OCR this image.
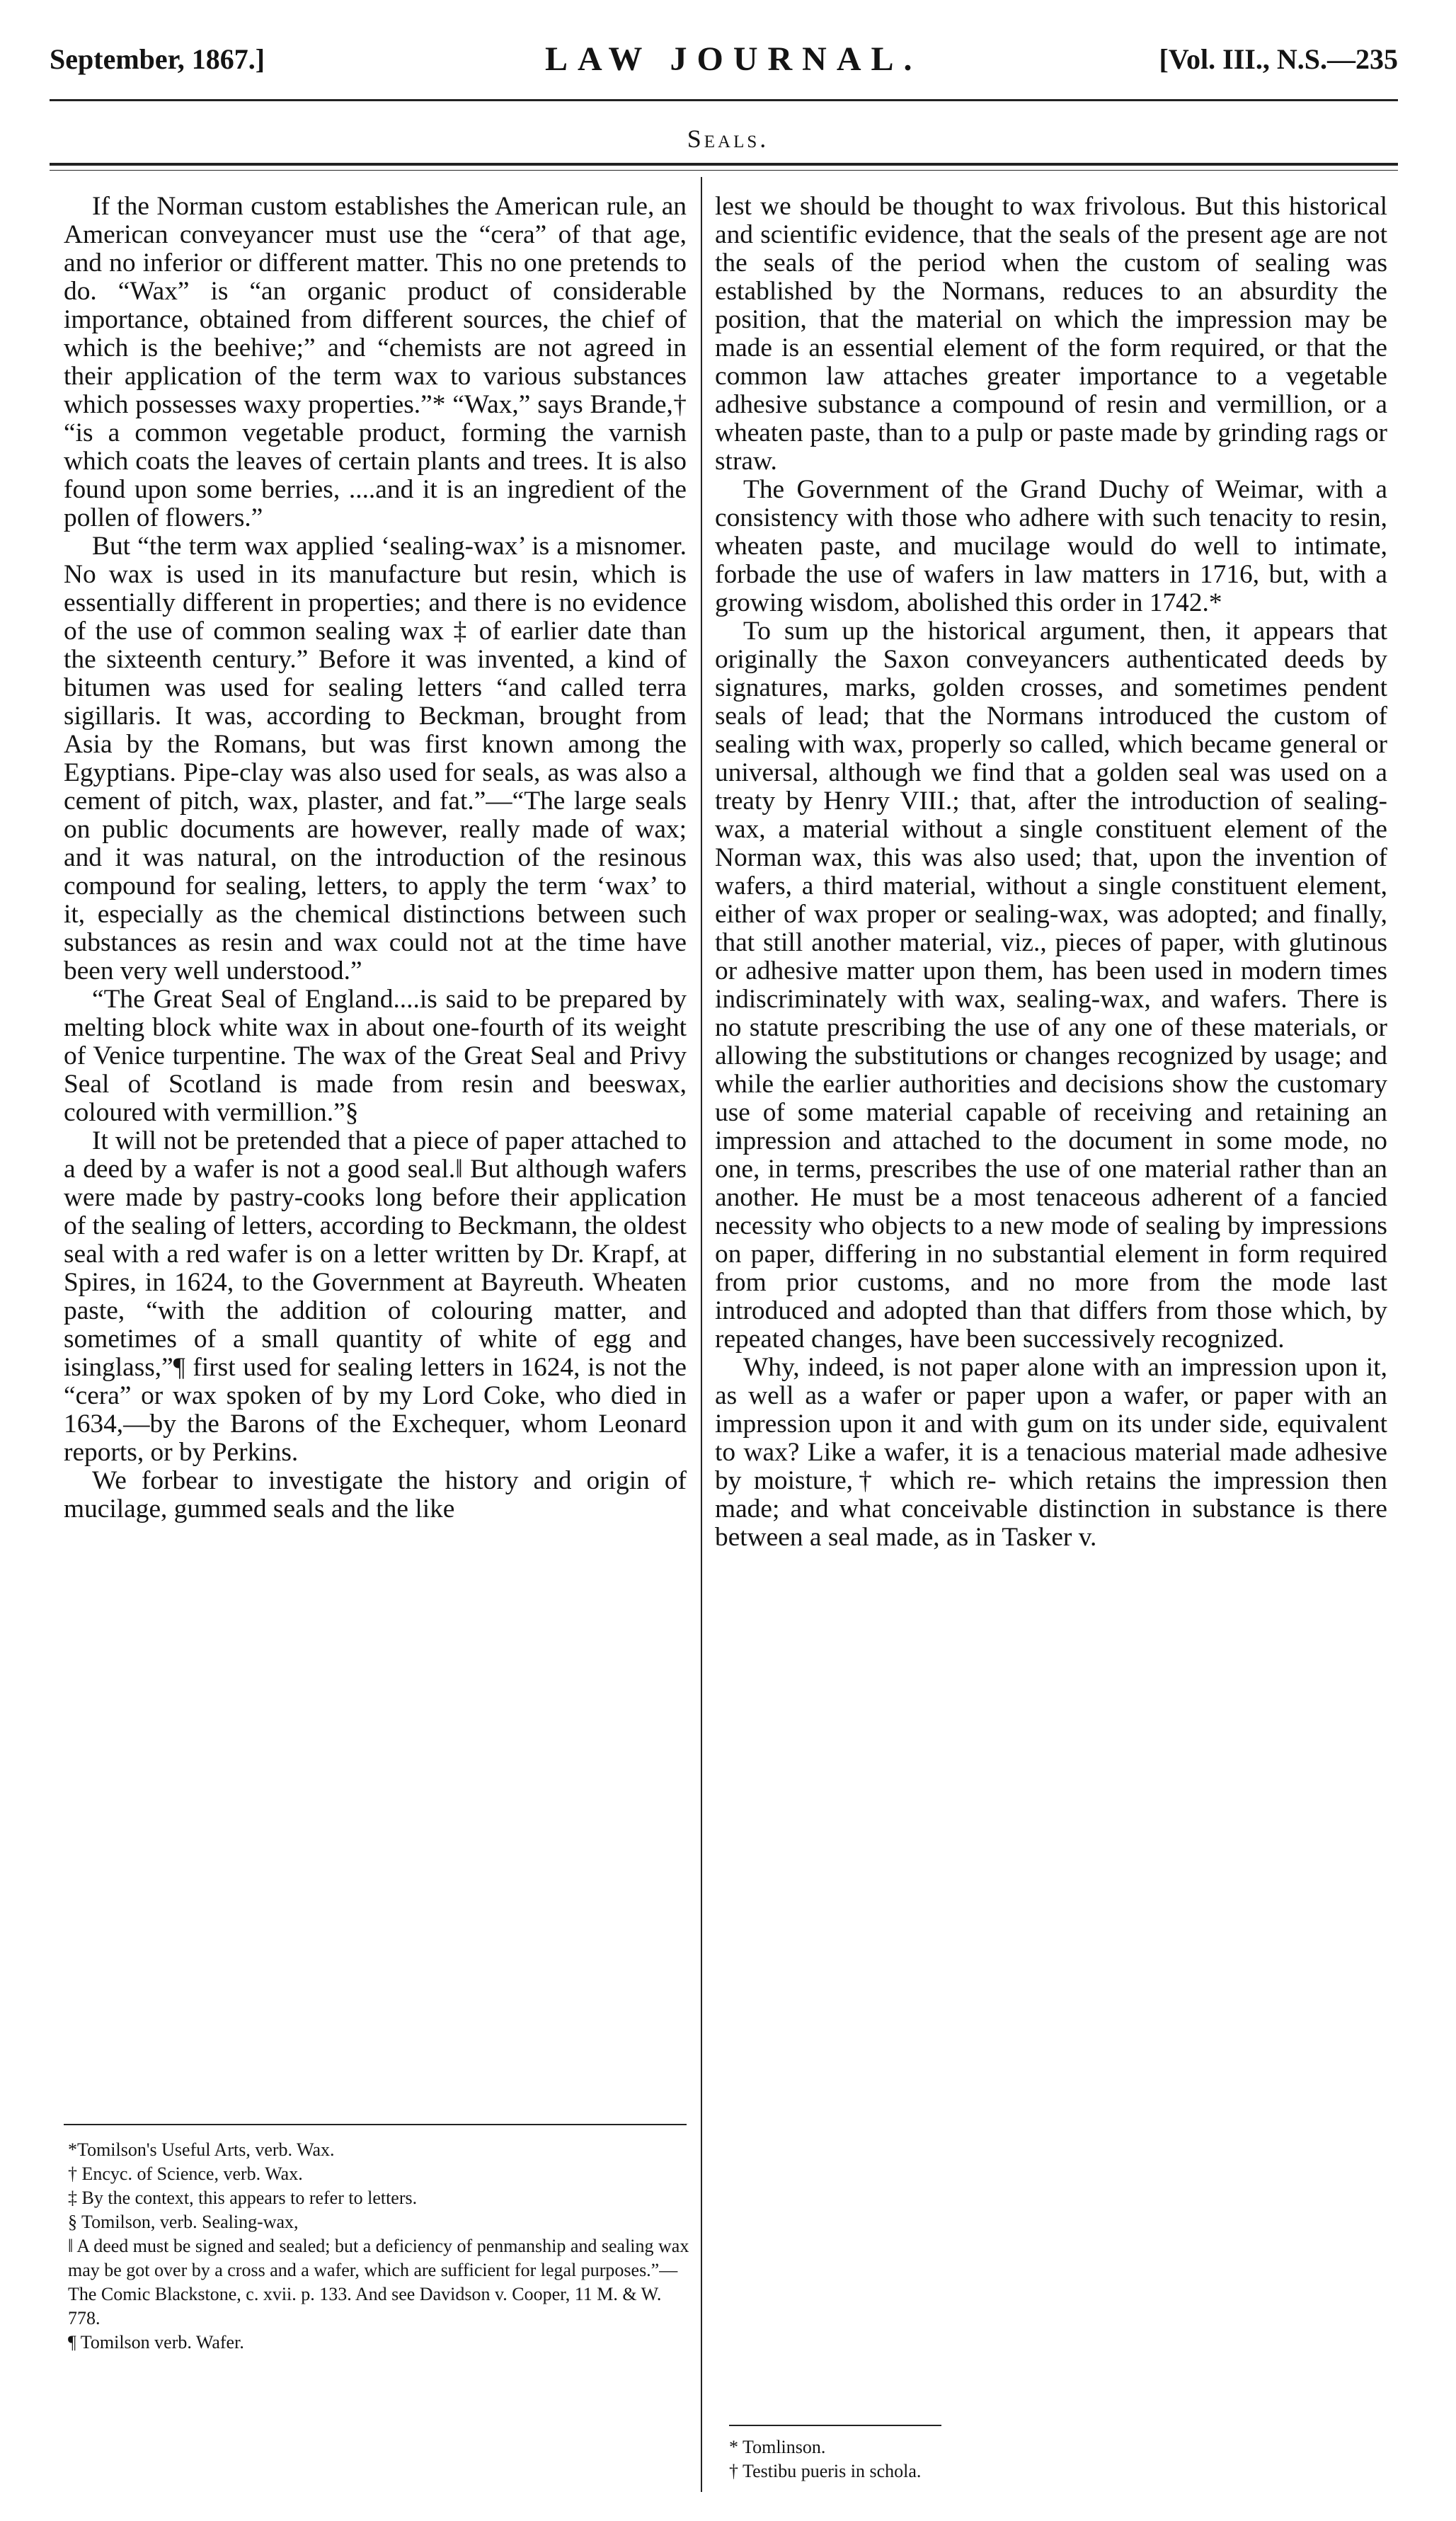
September, 1867.]	LAW JOURNAL.	[Vol. III., N.S.—235
Seals.

If the Norman custom establishes the American rule, an American conveyancer must use the “cera” of that age, and no inferior or different matter. This no one pretends to do. “Wax” is “an organic product of considerable importance, obtained from different sources, the chief of which is the beehive;” and “chemists are not agreed in their application of the term wax to various substances which possesses waxy properties.”* “Wax,” says Brande,† “is a common vegetable product, forming the varnish which coats the leaves of certain plants and trees. It is also found upon some berries, ....and it is an ingredient of the pollen of flowers.”

But “the term wax applied ‘sealing-wax’ is a misnomer. No wax is used in its manufacture but resin, which is essentially different in properties; and there is no evidence of the use of common sealing wax ‡ of earlier date than the sixteenth century.” Before it was invented, a kind of bitumen was used for sealing letters “and called terra sigillaris. It was, according to Beckman, brought from Asia by the Romans, but was first known among the Egyptians. Pipe-clay was also used for seals, as was also a cement of pitch, wax, plaster, and fat.”—“The large seals on public documents are however, really made of wax; and it was natural, on the introduction of the resinous compound for sealing, letters, to apply the term ‘wax’ to it, especially as the chemical distinctions between such substances as resin and wax could not at the time have been very well understood.”

“The Great Seal of England....is said to be prepared by melting block white wax in about one-fourth of its weight of Venice turpentine. The wax of the Great Seal and Privy Seal of Scotland is made from resin and beeswax, coloured with vermillion.”§

It will not be pretended that a piece of paper attached to a deed by a wafer is not a good seal.‖ But although wafers were made by pastry-cooks long before their application of the sealing of letters, according to Beckmann, the oldest seal with a red wafer is on a letter written by Dr. Krapf, at Spires, in 1624, to the Government at Bayreuth. Wheaten paste, “with the addition of colouring matter, and sometimes of a small quantity of white of egg and isinglass,”¶ first used for sealing letters in 1624, is not the “cera” or wax spoken of by my Lord Coke, who died in 1634,—by the Barons of the Exchequer, whom Leonard reports, or by Perkins.

We forbear to investigate the history and origin of mucilage, gummed seals and the like

*Tomilson's Useful Arts, verb. Wax.
† Encyc. of Science, verb. Wax.
‡ By the context, this appears to refer to letters.
§ Tomilson, verb. Sealing-wax,
‖ A deed must be signed and sealed; but a deficiency of penmanship and sealing wax may be got over by a cross and a wafer, which are sufficient for legal purposes.”—The Comic Blackstone, c. xvii. p. 133. And see Davidson v. Cooper, 11 M. & W. 778.
¶ Tomilson verb. Wafer.

lest we should be thought to wax frivolous. But this historical and scientific evidence, that the seals of the present age are not the seals of the period when the custom of sealing was established by the Normans, reduces to an absurdity the position, that the material on which the impression may be made is an essential element of the form required, or that the common law attaches greater importance to a vegetable adhesive substance a compound of resin and vermillion, or a wheaten paste, than to a pulp or paste made by grinding rags or straw.

The Government of the Grand Duchy of Weimar, with a consistency with those who adhere with such tenacity to resin, wheaten paste, and mucilage would do well to intimate, forbade the use of wafers in law matters in 1716, but, with a growing wisdom, abolished this order in 1742.*

To sum up the historical argument, then, it appears that originally the Saxon conveyancers authenticated deeds by signatures, marks, golden crosses, and sometimes pendent seals of lead; that the Normans introduced the custom of sealing with wax, properly so called, which became general or universal, although we find that a golden seal was used on a treaty by Henry VIII.; that, after the introduction of sealing-wax, a material without a single constituent element of the Norman wax, this was also used; that, upon the invention of wafers, a third material, without a single constituent element, either of wax proper or sealing-wax, was adopted; and finally, that still another material, viz., pieces of paper, with glutinous or adhesive matter upon them, has been used in modern times indiscriminately with wax, sealing-wax, and wafers. There is no statute prescribing the use of any one of these materials, or allowing the substitutions or changes recognized by usage; and while the earlier authorities and decisions show the customary use of some material capable of receiving and retaining an impression and attached to the document in some mode, no one, in terms, prescribes the use of one material rather than an another. He must be a most tenaceous adherent of a fancied necessity who objects to a new mode of sealing by impressions on paper, differing in no substantial element in form required from prior customs, and no more from the mode last introduced and adopted than that differs from those which, by repeated changes, have been successively recognized.

Why, indeed, is not paper alone with an impression upon it, as well as a wafer or paper upon a wafer, or paper with an impression upon it and with gum on its under side, equivalent to wax? Like a wafer, it is a tenacious material made adhesive by moisture,† which re- which retains the impression then made; and what conceivable distinction in substance is there between a seal made, as in Tasker v.

* Tomlinson.
† Testibu pueris in schola.
